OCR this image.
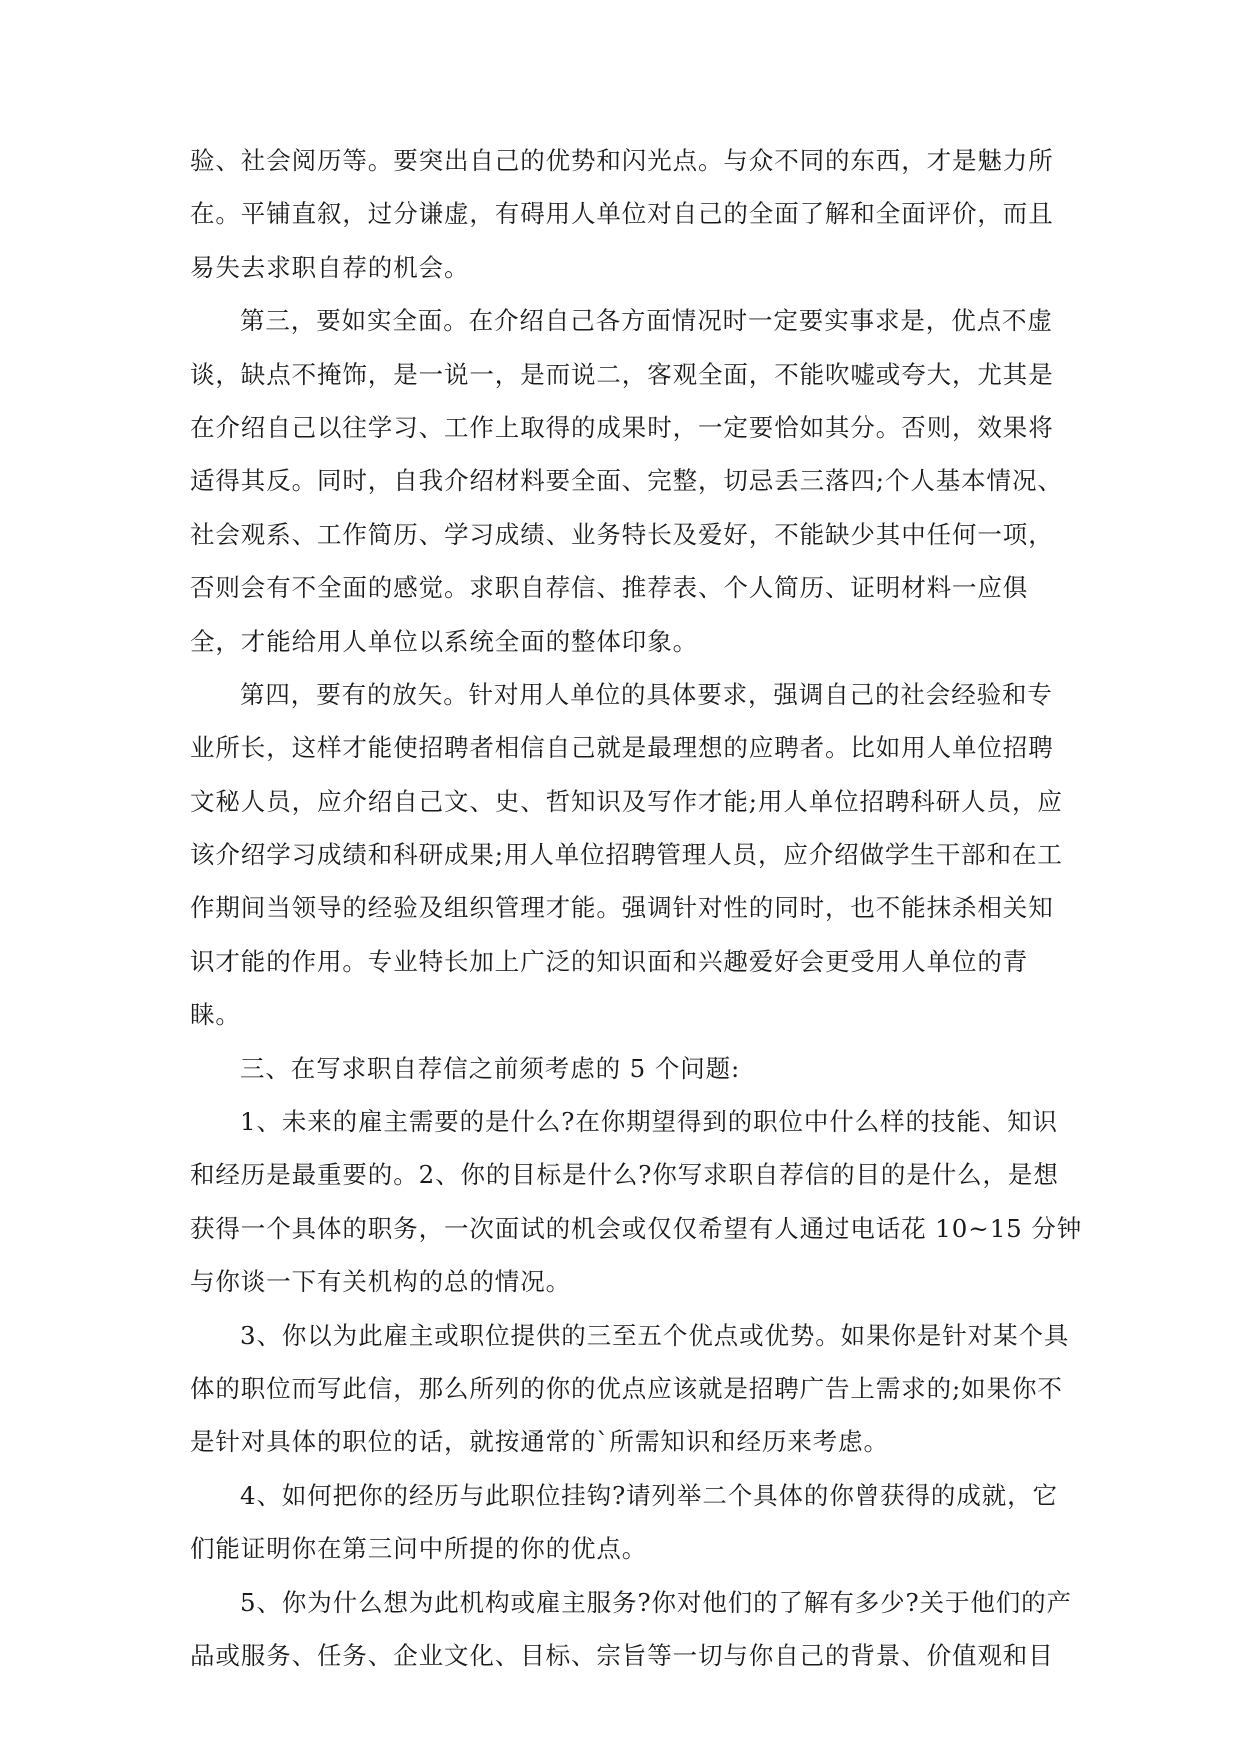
验、社会阅历等。要突出自己的优势和闪光点。与众不同的东西，才是魅力所
在。平铺直叙，过分谦虚，有碍用人单位对自己的全面了解和全面评价，而且
易失去求职自荐的机会。
第三，要如实全面。在介绍自己各方面情况时一定要实事求是，优点不虚
谈，缺点不掩饰，是一说一，是而说二，客观全面，不能吹嘘或夸大，尤其是
在介绍自己以往学习、工作上取得的成果时，一定要恰如其分。否则，效果将
适得其反。同时，自我介绍材料要全面、完整，切忌丢三落四;个人基本情况、
社会观系、工作简历、学习成绩、业务特长及爱好，不能缺少其中任何一项，
否则会有不全面的感觉。求职自荐信、推荐表、个人简历、证明材料一应俱
全，才能给用人单位以系统全面的整体印象。
第四，要有的放矢。针对用人单位的具体要求，强调自己的社会经验和专
业所长，这样才能使招聘者相信自己就是最理想的应聘者。比如用人单位招聘
文秘人员，应介绍自己文、史、哲知识及写作才能;用人单位招聘科研人员，应
该介绍学习成绩和科研成果;用人单位招聘管理人员，应介绍做学生干部和在工
作期间当领导的经验及组织管理才能。强调针对性的同时，也不能抹杀相关知
识才能的作用。专业特长加上广泛的知识面和兴趣爱好会更受用人单位的青
睐。
三、在写求职自荐信之前须考虑的 5 个问题:
1、未来的雇主需要的是什么?在你期望得到的职位中什么样的技能、知识
和经历是最重要的。2、你的目标是什么?你写求职自荐信的目的是什么，是想
获得一个具体的职务，一次面试的机会或仅仅希望有人通过电话花 10~15 分钟
与你谈一下有关机构的总的情况。
3、你以为此雇主或职位提供的三至五个优点或优势。如果你是针对某个具
体的职位而写此信，那么所列的你的优点应该就是招聘广告上需求的;如果你不
是针对具体的职位的话，就按通常的`所需知识和经历来考虑。
4、如何把你的经历与此职位挂钩?请列举二个具体的你曾获得的成就，它
们能证明你在第三问中所提的你的优点。
5、你为什么想为此机构或雇主服务?你对他们的了解有多少?关于他们的产
品或服务、任务、企业文化、目标、宗旨等一切与你自己的背景、价值观和目
